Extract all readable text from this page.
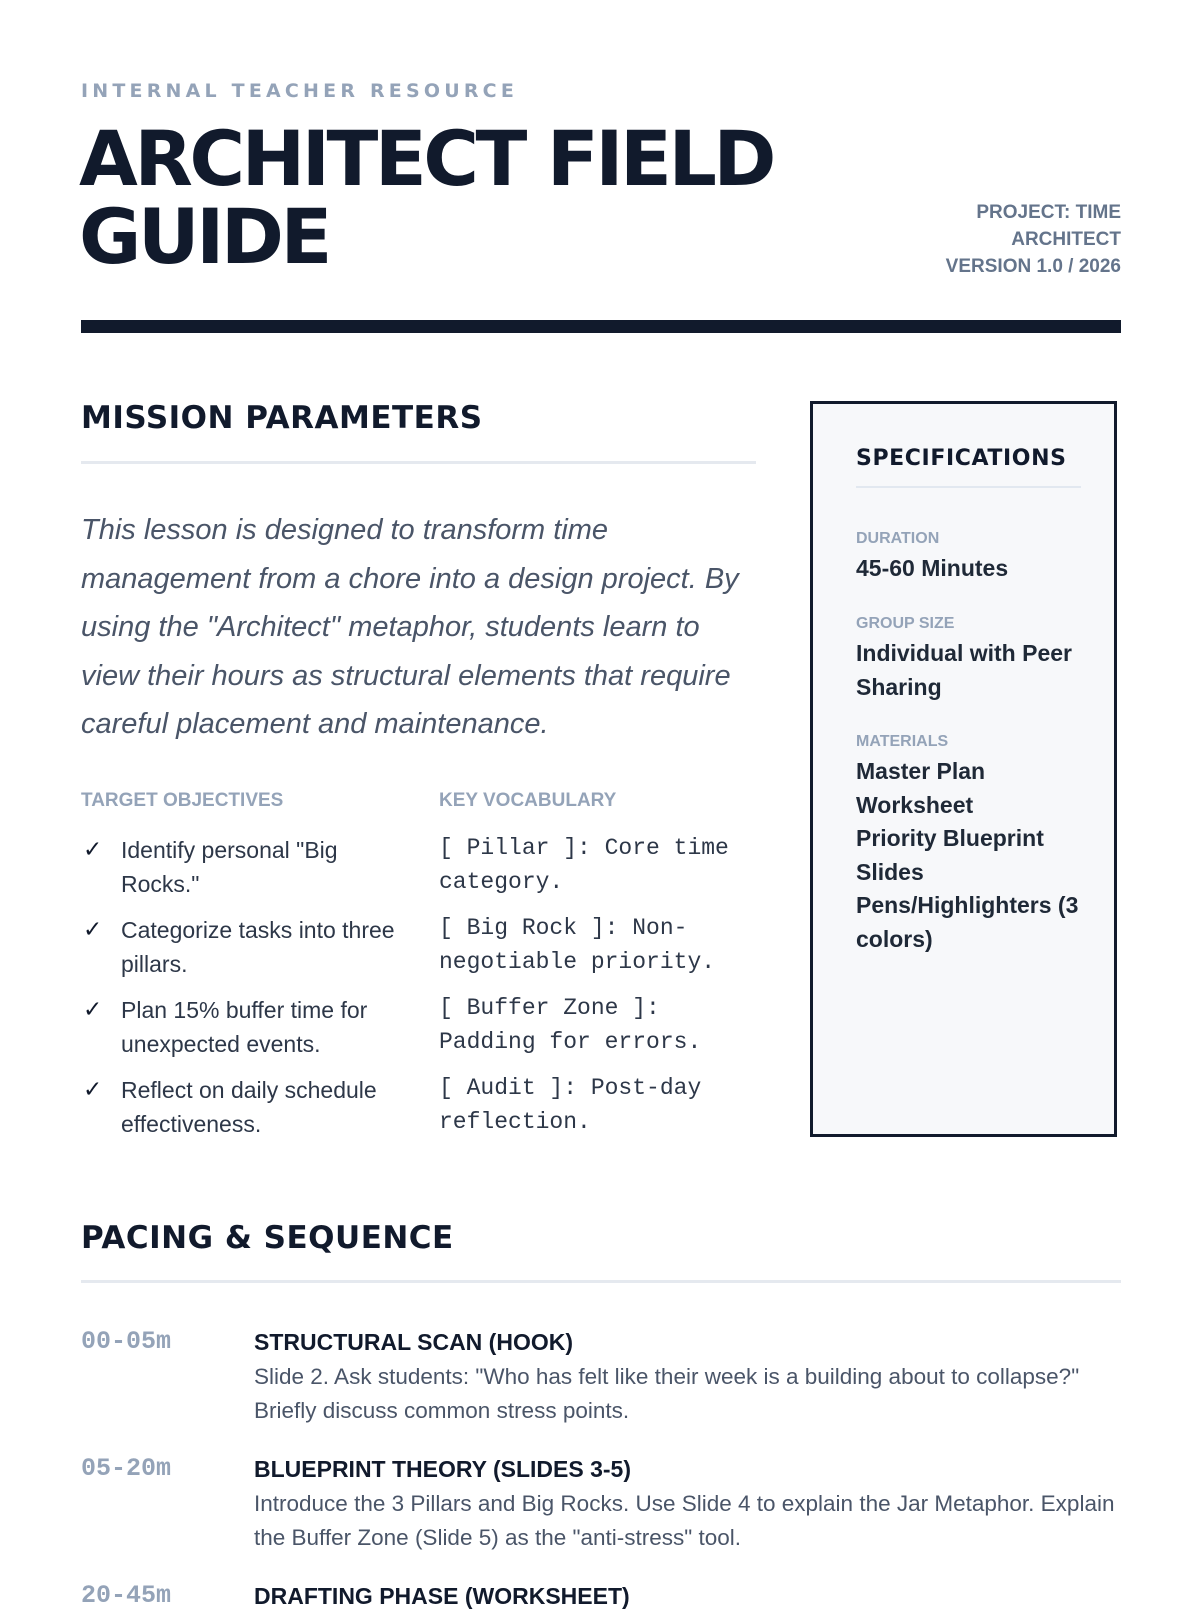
INTERNAL TEACHER RESOURCE
ARCHITECT FIELD GUIDE	PROJECT: TIME ARCHITECT
VERSION 1.0 / 2026
MISSION PARAMETERS
This lesson is designed to transform time management from a chore into a design project. By using the "Architect" metaphor, students learn to view their hours as structural elements that require careful placement and maintenance.
TARGET OBJECTIVES
✓ Identify personal "Big Rocks."
✓ Categorize tasks into three pillars.
✓ Plan 15% buffer time for unexpected events.
✓ Reflect on daily schedule effectiveness.
KEY VOCABULARY
[ Pillar ]: Core time category.
[ Big Rock ]: Non-negotiable priority.
[ Buffer Zone ]: Padding for errors.
[ Audit ]: Post-day reflection.
SPECIFICATIONS
DURATION
45-60 Minutes
GROUP SIZE
Individual with Peer Sharing
MATERIALS
Master Plan Worksheet
Priority Blueprint Slides
Pens/Highlighters (3 colors)
PACING & SEQUENCE
00-05m	STRUCTURAL SCAN (HOOK)
Slide 2. Ask students: "Who has felt like their week is a building about to collapse?" Briefly discuss common stress points.
05-20m	BLUEPRINT THEORY (SLIDES 3-5)
Introduce the 3 Pillars and Big Rocks. Use Slide 4 to explain the Jar Metaphor. Explain the Buffer Zone (Slide 5) as the "anti-stress" tool.
20-45m	DRAFTING PHASE (WORKSHEET)
